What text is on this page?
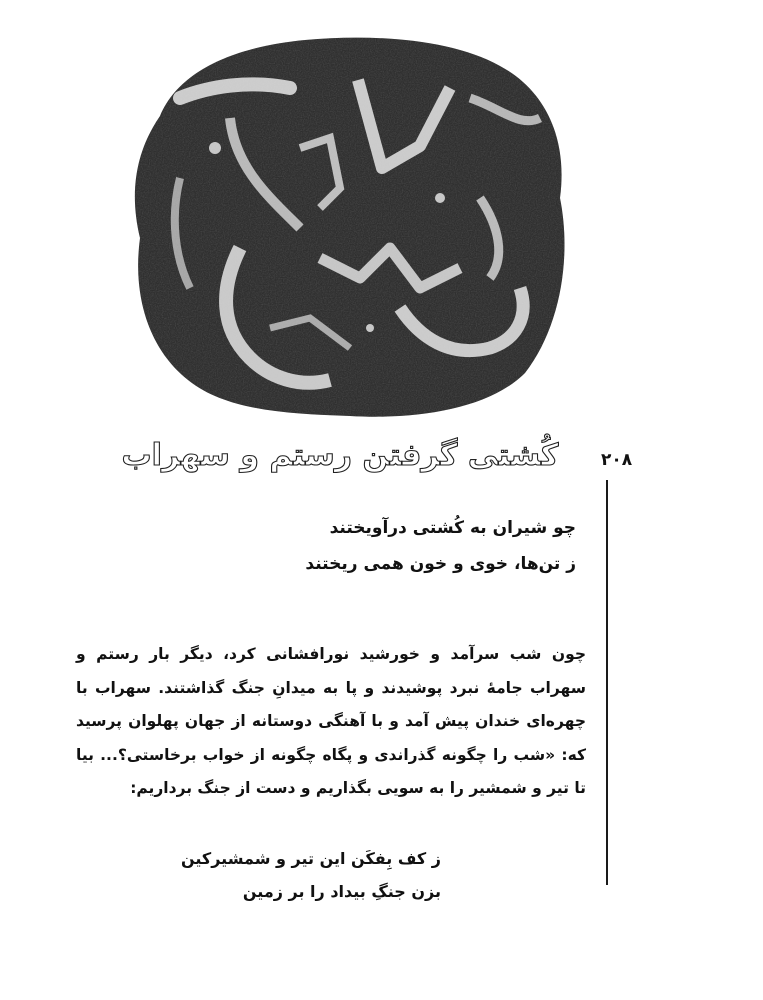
کُشتی گرفتن رستم و سهراب	۲۰۸

چو شیران به کُشتی درآویختند
ز تن‌ها، خوی و خون همی ریختند

چون شب سرآمد و خورشید نورافشانی کرد، دیگر بار رستم و سهراب جامهٔ نبرد پوشیدند و پا به میدانِ جنگ گذاشتند. سهراب با چهره‌ای خندان پیش آمد و با آهنگی دوستانه از جهان پهلوان پرسید که: «شب را چگونه گذراندی و پگاه چگونه از خواب برخاستی؟... بیا تا تیر و شمشیر را به سویی بگذاریم و دست از جنگ برداریم:

ز کف بِفکَن این تیر و شمشیرکین
بزن جنگِ بیداد را بر زمین
